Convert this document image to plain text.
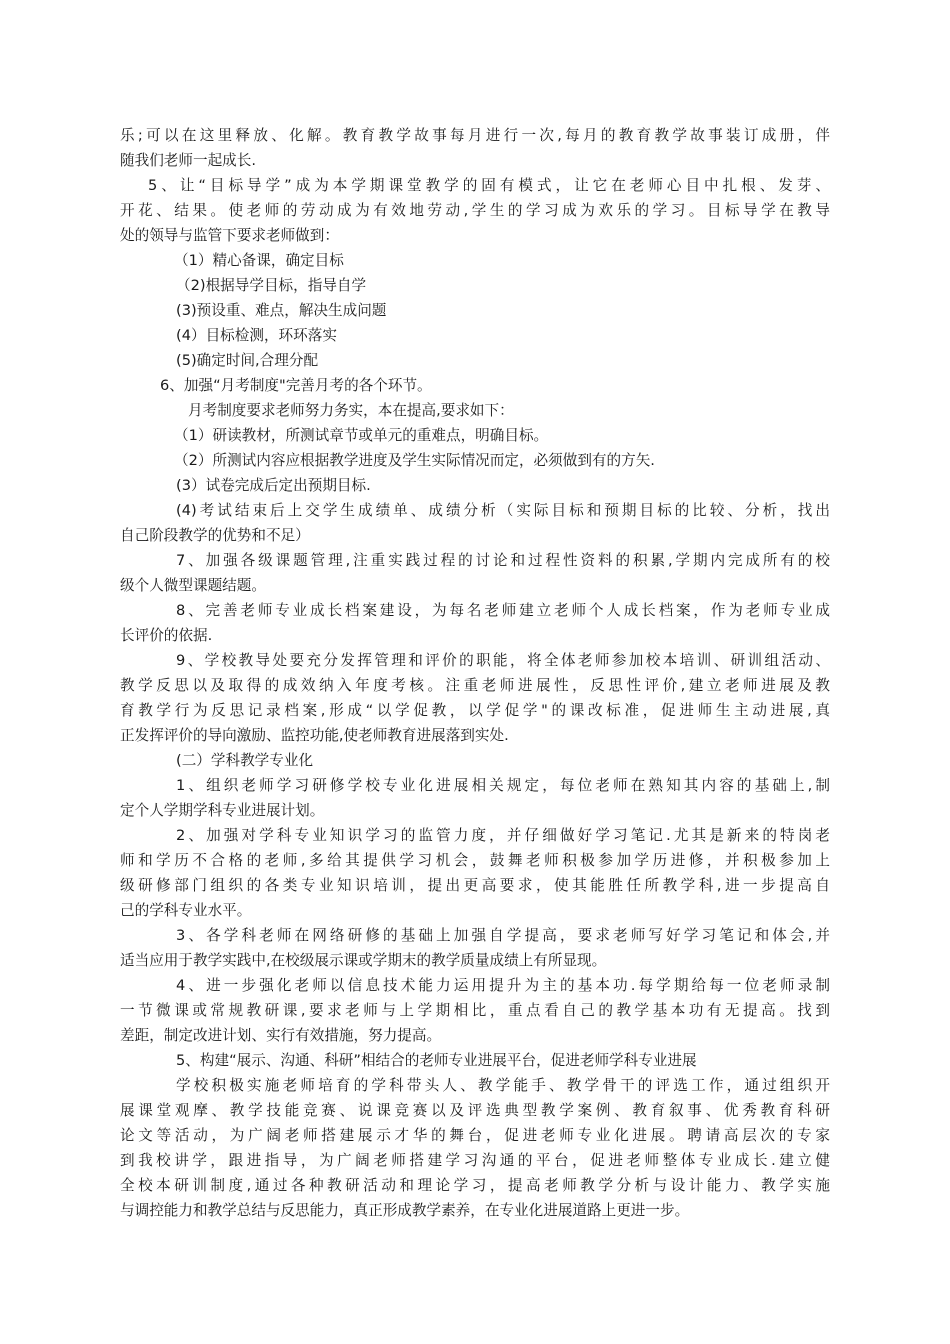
乐;可以在这里释放、化解。教育教学故事每月进行一次,每月的教育教学故事装订成册，伴
随我们老师一起成长.
5、让“目标导学”成为本学期课堂教学的固有模式，让它在老师心目中扎根、发芽、
开花、结果。使老师的劳动成为有效地劳动,学生的学习成为欢乐的学习。目标导学在教导
处的领导与监管下要求老师做到：
（1）精心备课，确定目标
（2)根据导学目标，指导自学
(3)预设重、难点，解决生成问题
(4）目标检测，环环落实
(5)确定时间,合理分配
6、加强“月考制度"完善月考的各个环节。
月考制度要求老师努力务实，本在提高,要求如下：
（1）研读教材，所测试章节或单元的重难点，明确目标。
（2）所测试内容应根据教学进度及学生实际情况而定，必须做到有的方矢.
(3）试卷完成后定出预期目标.
(4)考试结束后上交学生成绩单、成绩分析（实际目标和预期目标的比较、分析，找出
自己阶段教学的优势和不足）
7、加强各级课题管理,注重实践过程的讨论和过程性资料的积累,学期内完成所有的校
级个人微型课题结题。
8、完善老师专业成长档案建设，为每名老师建立老师个人成长档案，作为老师专业成
长评价的依据.
9、学校教导处要充分发挥管理和评价的职能，将全体老师参加校本培训、研训组活动、
教学反思以及取得的成效纳入年度考核。注重老师进展性，反思性评价,建立老师进展及教
育教学行为反思记录档案,形成“以学促教，以学促学"的课改标准，促进师生主动进展,真
正发挥评价的导向激励、监控功能,使老师教育进展落到实处.
(二）学科教学专业化
1、组织老师学习研修学校专业化进展相关规定，每位老师在熟知其内容的基础上,制
定个人学期学科专业进展计划。
2、加强对学科专业知识学习的监管力度，并仔细做好学习笔记.尤其是新来的特岗老
师和学历不合格的老师,多给其提供学习机会，鼓舞老师积极参加学历进修，并积极参加上
级研修部门组织的各类专业知识培训，提出更高要求，使其能胜任所教学科,进一步提高自
己的学科专业水平。
3、各学科老师在网络研修的基础上加强自学提高，要求老师写好学习笔记和体会,并
适当应用于教学实践中,在校级展示课或学期末的教学质量成绩上有所显现。
4、进一步强化老师以信息技术能力运用提升为主的基本功.每学期给每一位老师录制
一节微课或常规教研课,要求老师与上学期相比，重点看自己的教学基本功有无提高。找到
差距，制定改进计划、实行有效措施，努力提高。
5、构建“展示、沟通、科研”相结合的老师专业进展平台，促进老师学科专业进展
学校积极实施老师培育的学科带头人、教学能手、教学骨干的评选工作，通过组织开
展课堂观摩、教学技能竞赛、说课竞赛以及评选典型教学案例、教育叙事、优秀教育科研
论文等活动，为广阔老师搭建展示才华的舞台，促进老师专业化进展。聘请高层次的专家
到我校讲学，跟进指导，为广阔老师搭建学习沟通的平台，促进老师整体专业成长.建立健
全校本研训制度,通过各种教研活动和理论学习，提高老师教学分析与设计能力、教学实施
与调控能力和教学总结与反思能力，真正形成教学素养，在专业化进展道路上更进一步。
